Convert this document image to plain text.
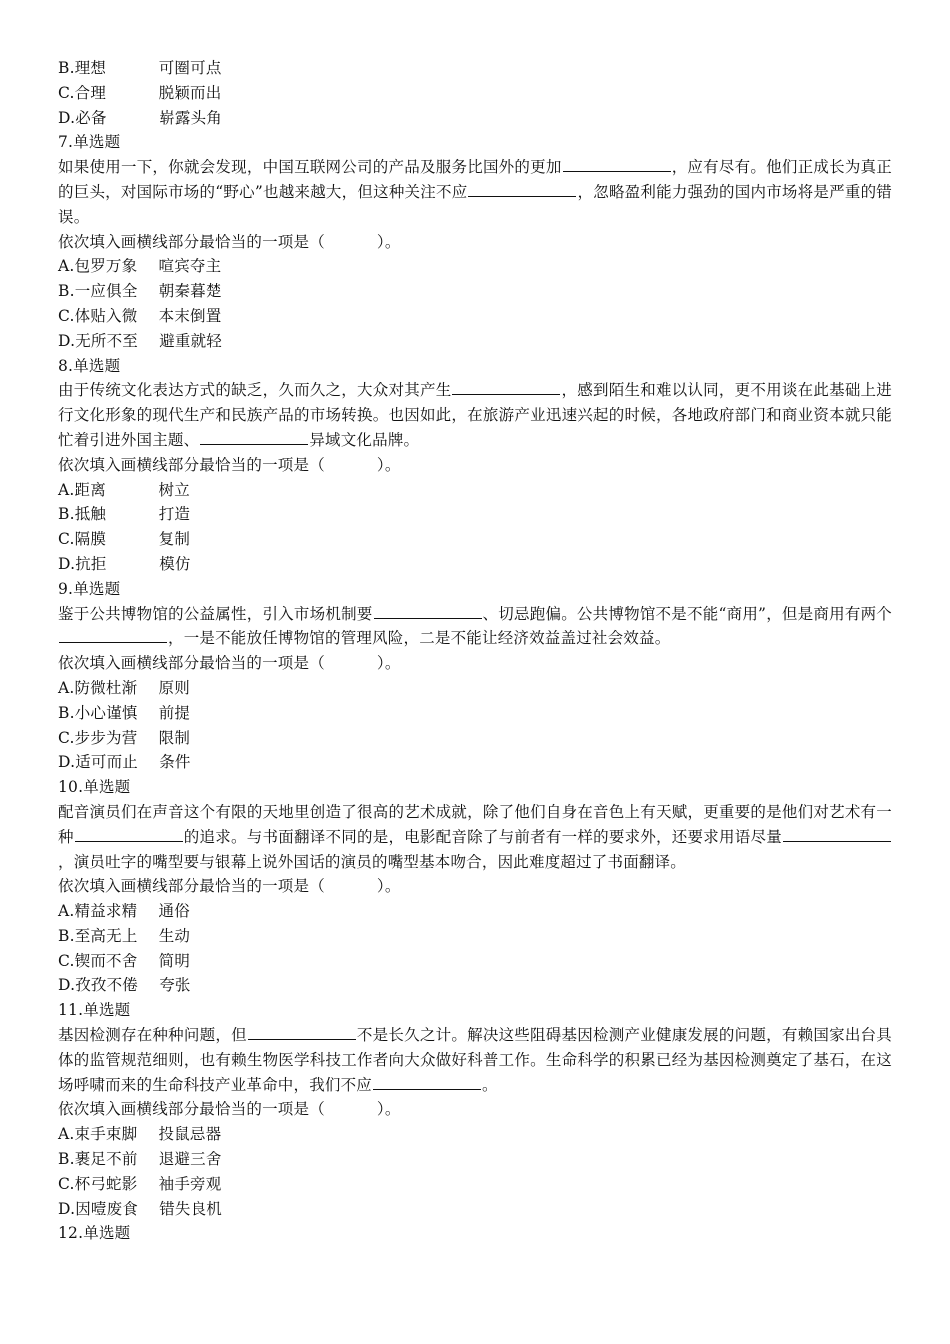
B.理想	可圈可点
C.合理	脱颖而出
D.必备	崭露头角
7.单选题
如果使用一下，你就会发现，中国互联网公司的产品及服务比国外的更加	，应有尽有。他们正成长为真正的巨头，对国际市场的“野心”也越来越大，但这种关注不应	，忽略盈利能力强劲的国内市场将是严重的错误。
依次填入画横线部分最恰当的一项是（	）。
A.包罗万象 喧宾夺主
B.一应俱全 朝秦暮楚
C.体贴入微 本末倒置
D.无所不至 避重就轻
8.单选题
由于传统文化表达方式的缺乏，久而久之，大众对其产生	，感到陌生和难以认同，更不用谈在此基础上进行文化形象的现代生产和民族产品的市场转换。也因如此，在旅游产业迅速兴起的时候，各地政府部门和商业资本就只能忙着引进外国主题、	异域文化品牌。
依次填入画横线部分最恰当的一项是（	）。
A.距离	树立
B.抵触	打造
C.隔膜	复制
D.抗拒	模仿
9.单选题
鉴于公共博物馆的公益属性，引入市场机制要	、切忌跑偏。公共博物馆不是不能“商用”，但是商用有两个，一是不能放任博物馆的管理风险，二是不能让经济效益盖过社会效益。
依次填入画横线部分最恰当的一项是（	）。
A.防微杜渐 原则
B.小心谨慎 前提
C.步步为营 限制
D.适可而止 条件
10.单选题
配音演员们在声音这个有限的天地里创造了很高的艺术成就，除了他们自身在音色上有天赋，更重要的是他们对艺术有一种	的追求。与书面翻译不同的是，电影配音除了与前者有一样的要求外，还要求用语尽量，演员吐字的嘴型要与银幕上说外国话的演员的嘴型基本吻合，因此难度超过了书面翻译。
依次填入画横线部分最恰当的一项是（	）。
A.精益求精 通俗
B.至高无上 生动
C.锲而不舍 简明
D.孜孜不倦 夸张
11.单选题
基因检测存在种种问题，但	不是长久之计。解决这些阻碍基因检测产业健康发展的问题，有赖国家出台具体的监管规范细则，也有赖生物医学科技工作者向大众做好科普工作。生命科学的积累已经为基因检测奠定了基石，在这场呼啸而来的生命科技产业革命中，我们不应	。
依次填入画横线部分最恰当的一项是（	）。
A.束手束脚 投鼠忌器
B.裹足不前 退避三舍
C.杯弓蛇影 袖手旁观
D.因噎废食 错失良机
12.单选题
